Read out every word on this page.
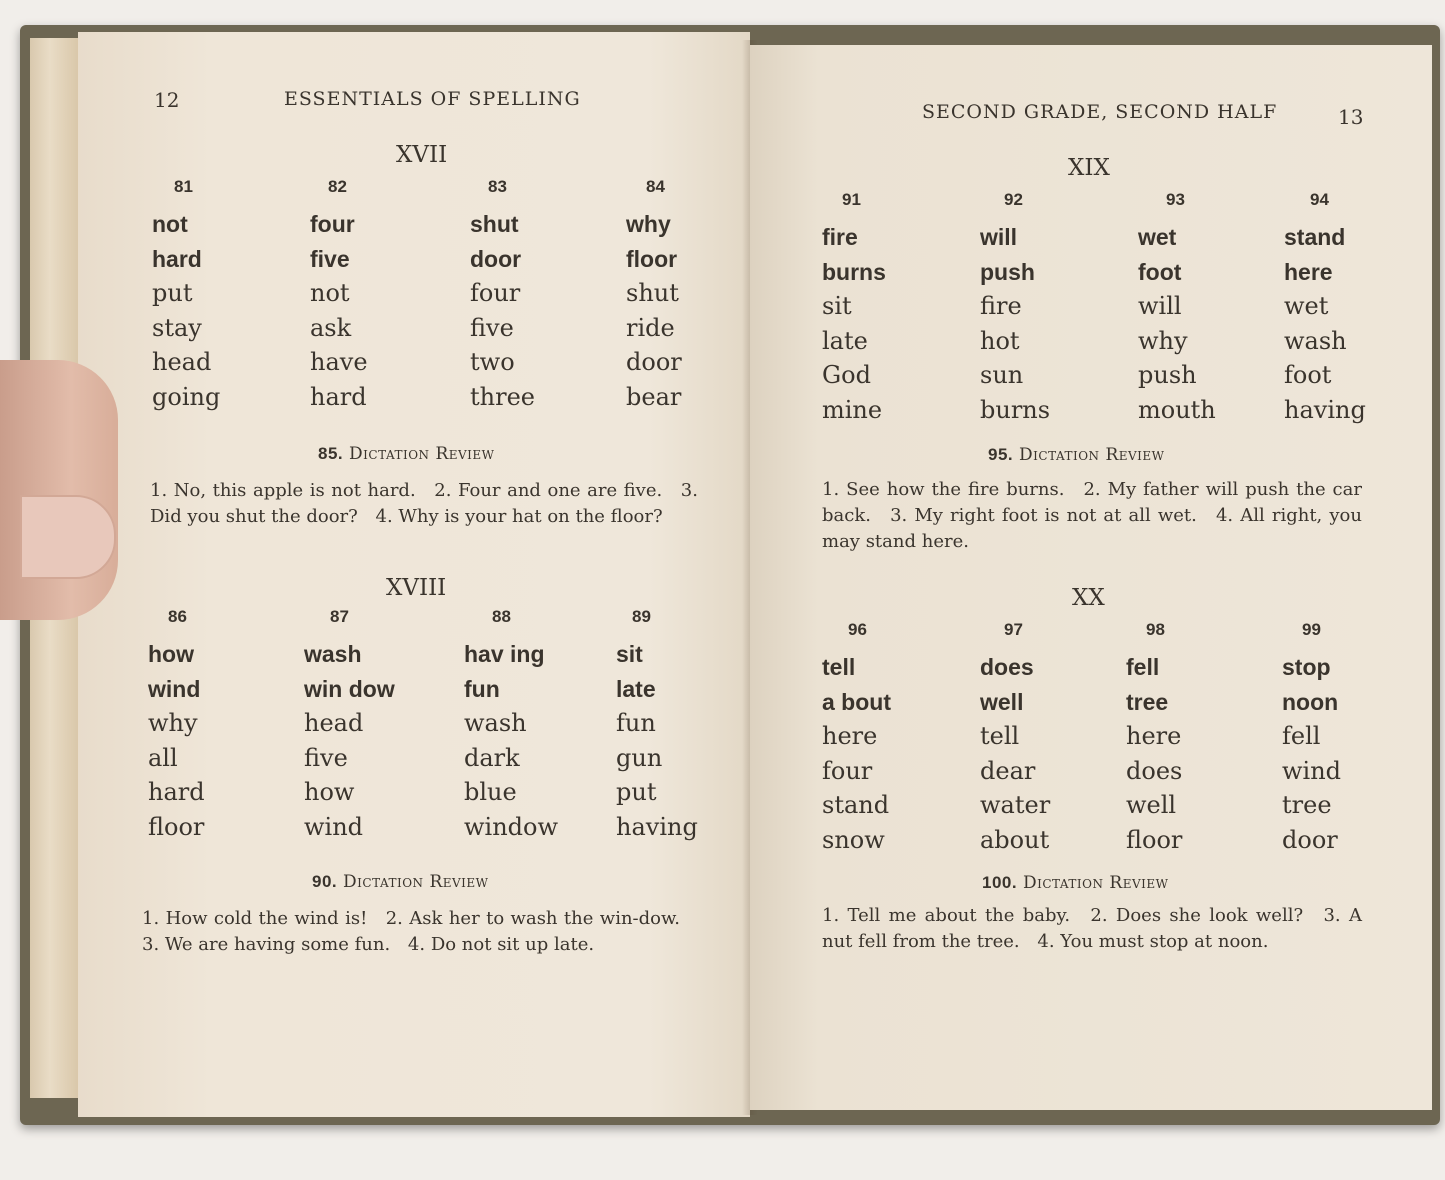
12	ESSENTIALS OF SPELLING
XVII
81
not
hard
put
stay
head
going
82
four
five
not
ask
have
hard
83
shut
door
four
five
two
three
84
why
floor
shut
ride
door
bear
85. Dictation Review
1. No, this apple is not hard. 2. Four and one are five. 3. Did you shut the door? 4. Why is your hat on the floor?
XVIII
86
how
wind
why
all
hard
floor
87
wash
win dow
head
five
how
wind
88
hav ing
fun
wash
dark
blue
window
89
sit
late
fun
gun
put
having
90. Dictation Review
1. How cold the wind is! 2. Ask her to wash the win-dow. 3. We are having some fun. 4. Do not sit up late.
SECOND GRADE, SECOND HALF	13
XIX
91
fire
burns
sit
late
God
mine
92
will
push
fire
hot
sun
burns
93
wet
foot
will
why
push
mouth
94
stand
here
wet
wash
foot
having
95. Dictation Review
1. See how the fire burns. 2. My father will push the car back. 3. My right foot is not at all wet. 4. All right, you may stand here.
XX
96
tell
a bout
here
four
stand
snow
97
does
well
tell
dear
water
about
98
fell
tree
here
does
well
floor
99
stop
noon
fell
wind
tree
door
100. Dictation Review
1. Tell me about the baby. 2. Does she look well? 3. A nut fell from the tree. 4. You must stop at noon.
